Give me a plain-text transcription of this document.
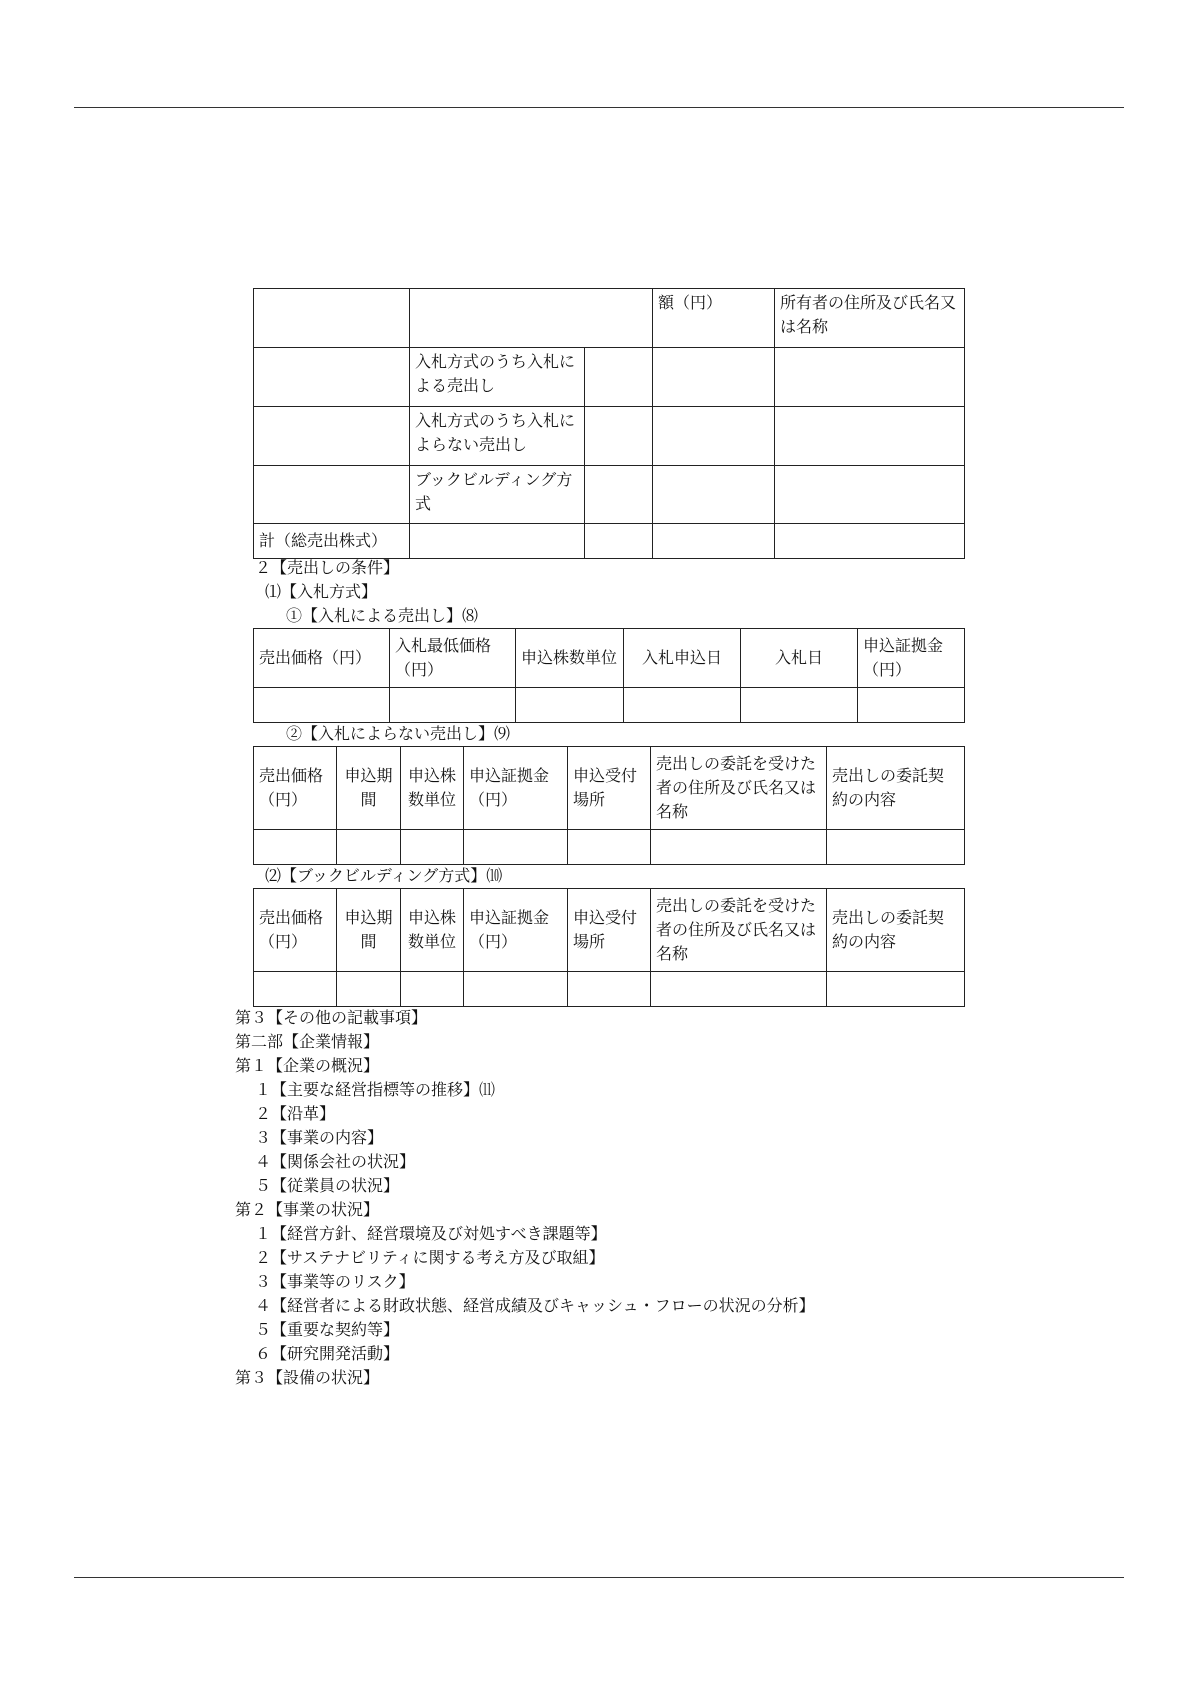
			額（円）	所有者の住所及び氏名又は名称
	入札方式のうち入札による売出し			
	入札方式のうち入札によらない売出し			
	ブックビルディング方式			
計（総売出株式）				
２【売出しの条件】
⑴【入札方式】
①【入札による売出し】⑻
売出価格（円）	入札最低価格（円）	申込株数単位	入札申込日	入札日	申込証拠金（円）

②【入札によらない売出し】⑼
売出価格（円）	申込期間	申込株数単位	申込証拠金（円）	申込受付場所	売出しの委託を受けた者の住所及び氏名又は名称	売出しの委託契約の内容

⑵【ブックビルディング方式】⑽
売出価格（円）	申込期間	申込株数単位	申込証拠金（円）	申込受付場所	売出しの委託を受けた者の住所及び氏名又は名称	売出しの委託契約の内容

第３【その他の記載事項】
第二部【企業情報】
第１【企業の概況】
１【主要な経営指標等の推移】⑾
２【沿革】
３【事業の内容】
４【関係会社の状況】
５【従業員の状況】
第２【事業の状況】
１【経営方針、経営環境及び対処すべき課題等】
２【サステナビリティに関する考え方及び取組】
３【事業等のリスク】
４【経営者による財政状態、経営成績及びキャッシュ・フローの状況の分析】
５【重要な契約等】
６【研究開発活動】
第３【設備の状況】
